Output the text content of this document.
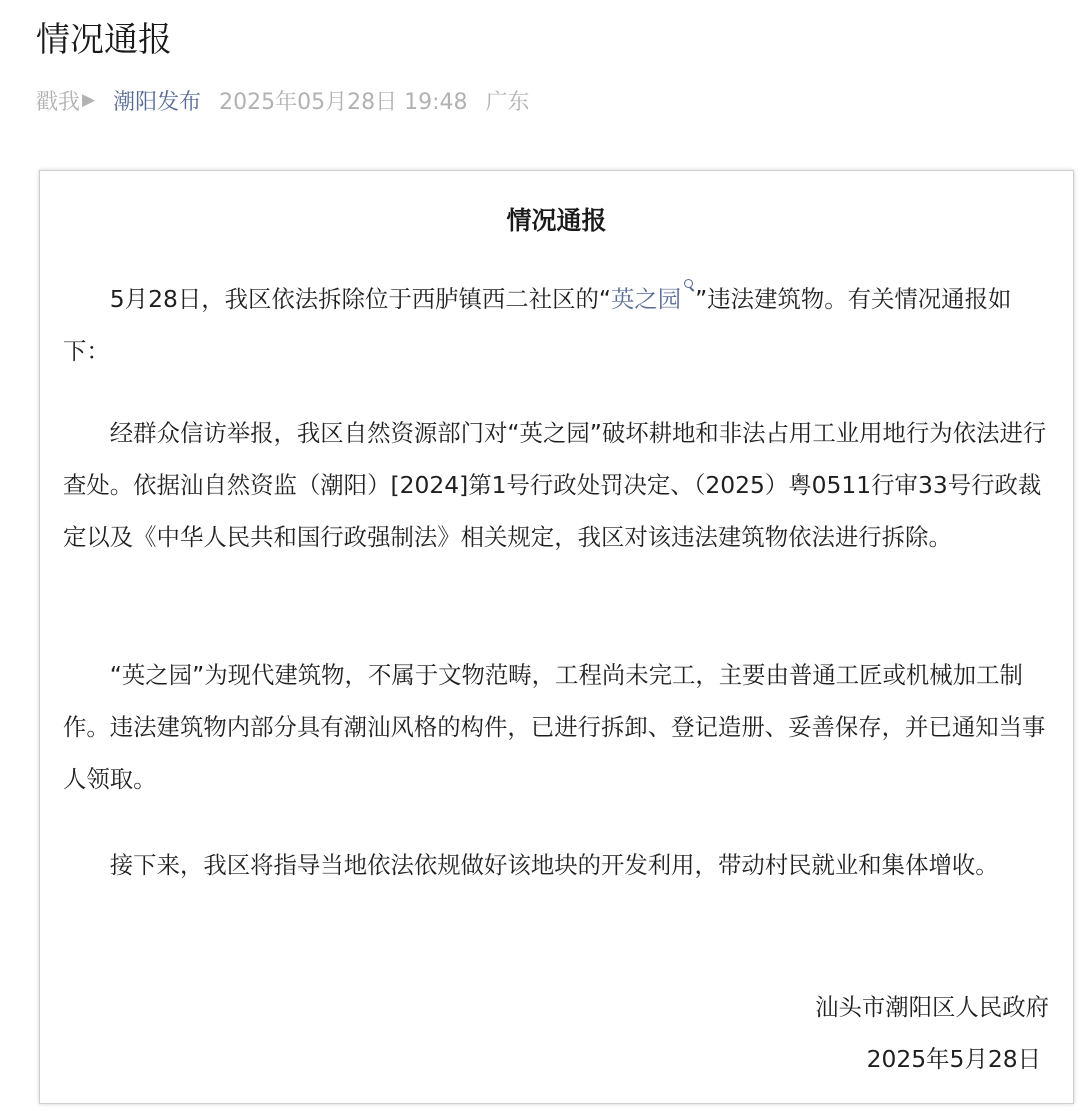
情况通报
戳我 ▶ 潮阳发布 2025年05月28日 19:48 广东
情况通报

5月28日，我区依法拆除位于西胪镇西二社区的“英之园 ”违法建筑物。有关情况通报如下：

经群众信访举报，我区自然资源部门对“英之园”破坏耕地和非法占用工业用地行为依法进行查处。依据汕自然资监（潮阳）[2024]第1号行政处罚决定、（2025）粤0511行审33号行政裁定以及《中华人民共和国行政强制法》相关规定，我区对该违法建筑物依法进行拆除。

“英之园”为现代建筑物，不属于文物范畴，工程尚未完工，主要由普通工匠或机械加工制作。违法建筑物内部分具有潮汕风格的构件，已进行拆卸、登记造册、妥善保存，并已通知当事人领取。

接下来，我区将指导当地依法依规做好该地块的开发利用，带动村民就业和集体增收。

汕头市潮阳区人民政府
2025年5月28日
